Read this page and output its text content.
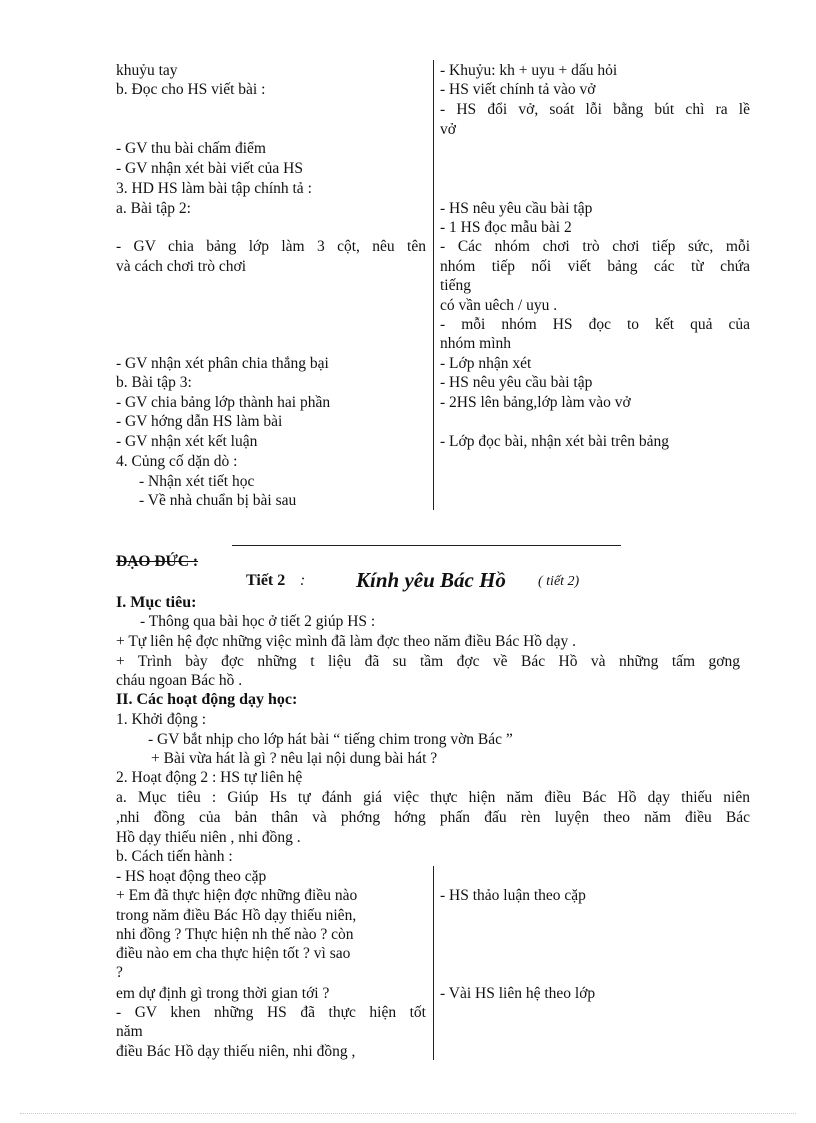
khuỷu tay
b. Đọc cho HS viết bài :
- GV thu bài chấm điểm
- GV nhận xét bài viết của HS
3. HD HS làm bài tập chính tả :
a. Bài tập 2:
- GV chia bảng lớp làm 3 cột, nêu tên
và cách chơi trò chơi
- GV nhận xét phân chia thắng bại
b. Bài tập 3:
- GV chia bảng lớp thành hai phần
- GV hớng dẫn HS làm bài
- GV nhận xét kết luận
4. Củng cố dặn dò :
- Nhận xét tiết học
- Về nhà chuẩn bị bài sau
- Khuỷu: kh + uyu + dấu hỏi
- HS viết chính tả vào vở
- HS đổi vở, soát lỗi bằng bút chì ra lề
vở
- HS nêu yêu cầu bài tập
- 1 HS đọc mẫu bài 2
- Các nhóm chơi trò chơi tiếp sức, mỗi
nhóm tiếp nối viết bảng các từ chứa
tiếng
có vần uêch / uyu .
- mỗi nhóm HS đọc to kết quả của
nhóm mình
- Lớp nhận xét
- HS nêu yêu cầu bài tập
- 2HS lên bảng,lớp làm vào vở
- Lớp đọc bài, nhận xét bài trên bảng
ĐẠO ĐỨC :
Tiết 2 : Kính yêu Bác Hồ ( tiết 2)
I. Mục tiêu:
- Thông qua bài học ở tiết 2 giúp HS :
+ Tự liên hệ đợc những việc mình đã làm đợc theo năm điều Bác Hồ dạy .
+ Trình bày đợc những t liệu đã su tầm đợc về Bác Hồ và những tấm gơng
cháu ngoan Bác hồ .
II. Các hoạt động dạy học:
1. Khởi động :
- GV bắt nhịp cho lớp hát bài “ tiếng chim trong vờn Bác ”
+ Bài vừa hát là gì ? nêu lại nội dung bài hát ?
2. Hoạt động 2 : HS tự liên hệ
a. Mục tiêu : Giúp Hs tự đánh giá việc thực hiện năm điều Bác Hồ dạy thiếu niên
,nhi đồng của bản thân và phớng hớng phấn đấu rèn luyện theo năm điều Bác
Hồ dạy thiếu niên , nhi đồng .
b. Cách tiến hành :
- HS hoạt động theo cặp
+ Em đã thực hiện đợc những điều nào
trong năm điều Bác Hồ dạy thiếu niên,
nhi đồng ? Thực hiện nh thế nào ? còn
điều nào em cha thực hiện tốt ? vì sao
?
em dự định gì trong thời gian tới ?
- GV khen những HS đã thực hiện tốt
năm
điều Bác Hồ dạy thiếu niên, nhi đồng ,
- HS thảo luận theo cặp
- Vài HS liên hệ theo lớp
